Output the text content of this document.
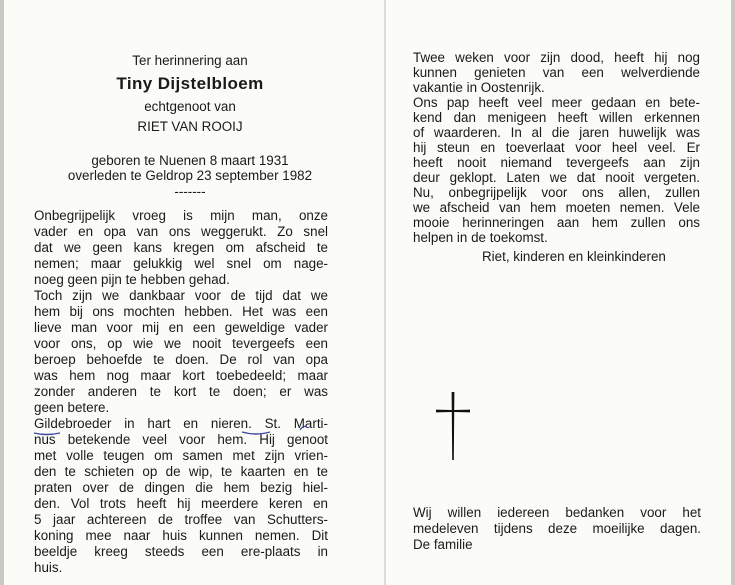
Ter herinnering aan
Tiny Dijstelbloem
echtgenoot van
RIET VAN ROOIJ
geboren te Nuenen 8 maart 1931
overleden te Geldrop 23 september 1982
-------
Onbegrijpelijk vroeg is mijn man, onze
vader en opa van ons weggerukt. Zo snel
dat we geen kans kregen om afscheid te
nemen; maar gelukkig wel snel om nage-
noeg geen pijn te hebben gehad.
Toch zijn we dankbaar voor de tijd dat we
hem bij ons mochten hebben. Het was een
lieve man voor mij en een geweldige vader
voor ons, op wie we nooit tevergeefs een
beroep behoefde te doen. De rol van opa
was hem nog maar kort toebedeeld; maar
zonder anderen te kort te doen; er was
geen betere.
Gildebroeder in hart en nieren. St. Marti-
nus betekende veel voor hem. Hij genoot
met volle teugen om samen met zijn vrien-
den te schieten op de wip, te kaarten en te
praten over de dingen die hem bezig hiel-
den. Vol trots heeft hij meerdere keren en
5 jaar achtereen de troffee van Schutters-
koning mee naar huis kunnen nemen. Dit
beeldje kreeg steeds een ere-plaats in
huis.
Twee weken voor zijn dood, heeft hij nog
kunnen genieten van een welverdiende
vakantie in Oostenrijk.
Ons pap heeft veel meer gedaan en bete-
kend dan menigeen heeft willen erkennen
of waarderen. In al die jaren huwelijk was
hij steun en toeverlaat voor heel veel. Er
heeft nooit niemand tevergeefs aan zijn
deur geklopt. Laten we dat nooit vergeten.
Nu, onbegrijpelijk voor ons allen, zullen
we afscheid van hem moeten nemen. Vele
mooie herinneringen aan hem zullen ons
helpen in de toekomst.
Riet, kinderen en kleinkinderen
Wij willen iedereen bedanken voor het
medeleven tijdens deze moeilijke dagen.
De familie
